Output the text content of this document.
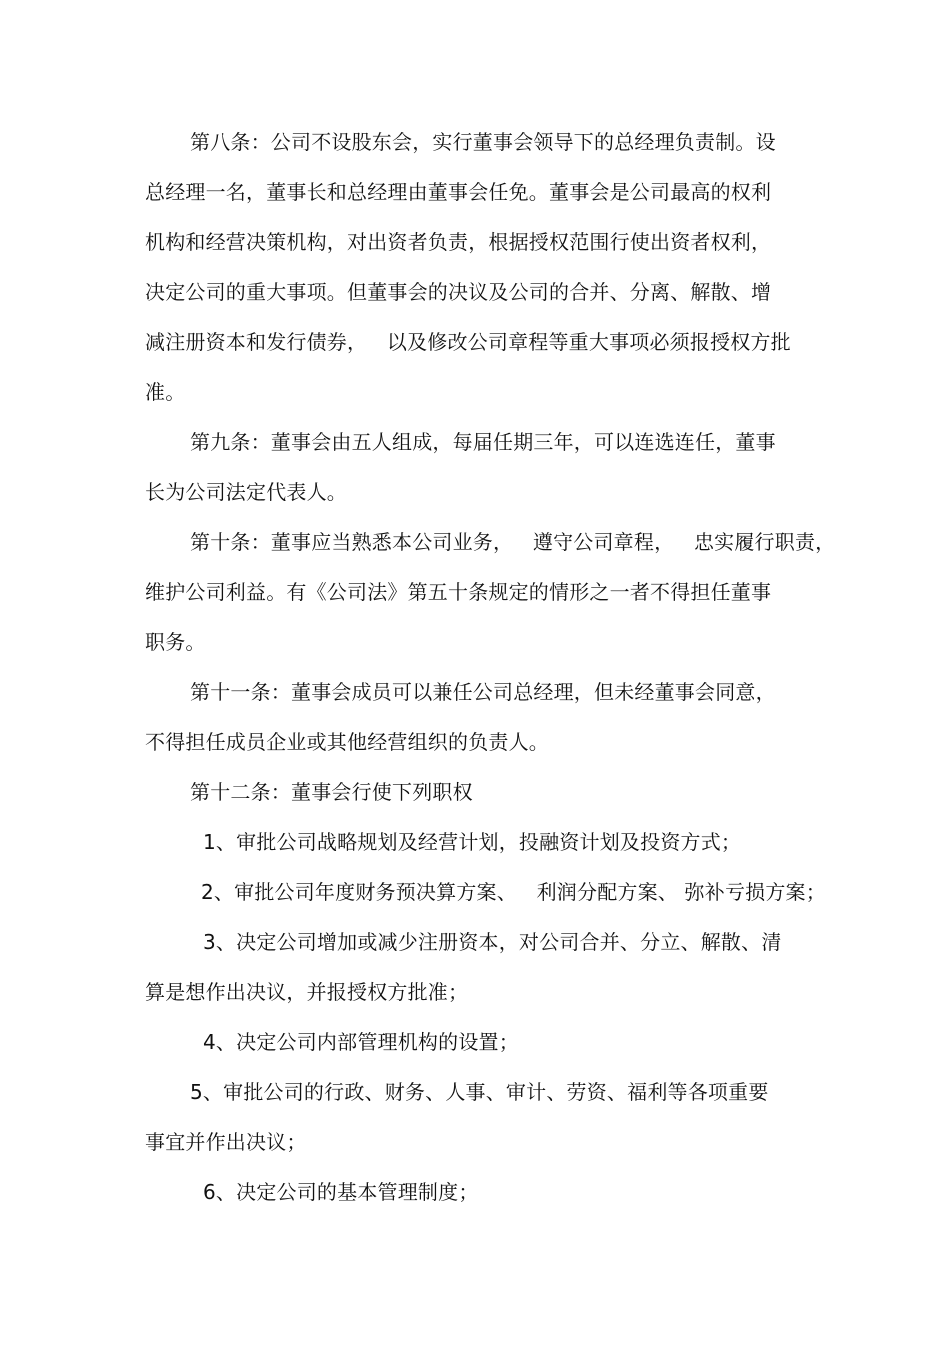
第八条：公司不设股东会，实行董事会领导下的总经理负责制。设
总经理一名，董事长和总经理由董事会任免。董事会是公司最高的权利
机构和经营决策机构，对出资者负责，根据授权范围行使出资者权利，
决定公司的重大事项。但董事会的决议及公司的合并、分离、解散、增
减注册资本和发行债券，   以及修改公司章程等重大事项必须报授权方批
准。
第九条：董事会由五人组成，每届任期三年，可以连选连任，董事
长为公司法定代表人。
第十条：董事应当熟悉本公司业务，   遵守公司章程，   忠实履行职责，
维护公司利益。有《公司法》第五十条规定的情形之一者不得担任董事
职务。
第十一条：董事会成员可以兼任公司总经理，但未经董事会同意，
不得担任成员企业或其他经营组织的负责人。
第十二条：董事会行使下列职权
1、审批公司战略规划及经营计划，投融资计划及投资方式；
2、审批公司年度财务预决算方案、   利润分配方案、 弥补亏损方案；
3、决定公司增加或减少注册资本，对公司合并、分立、解散、清
算是想作出决议，并报授权方批准；
4、决定公司内部管理机构的设置；
5、审批公司的行政、财务、人事、审计、劳资、福利等各项重要
事宜并作出决议；
6、决定公司的基本管理制度；
